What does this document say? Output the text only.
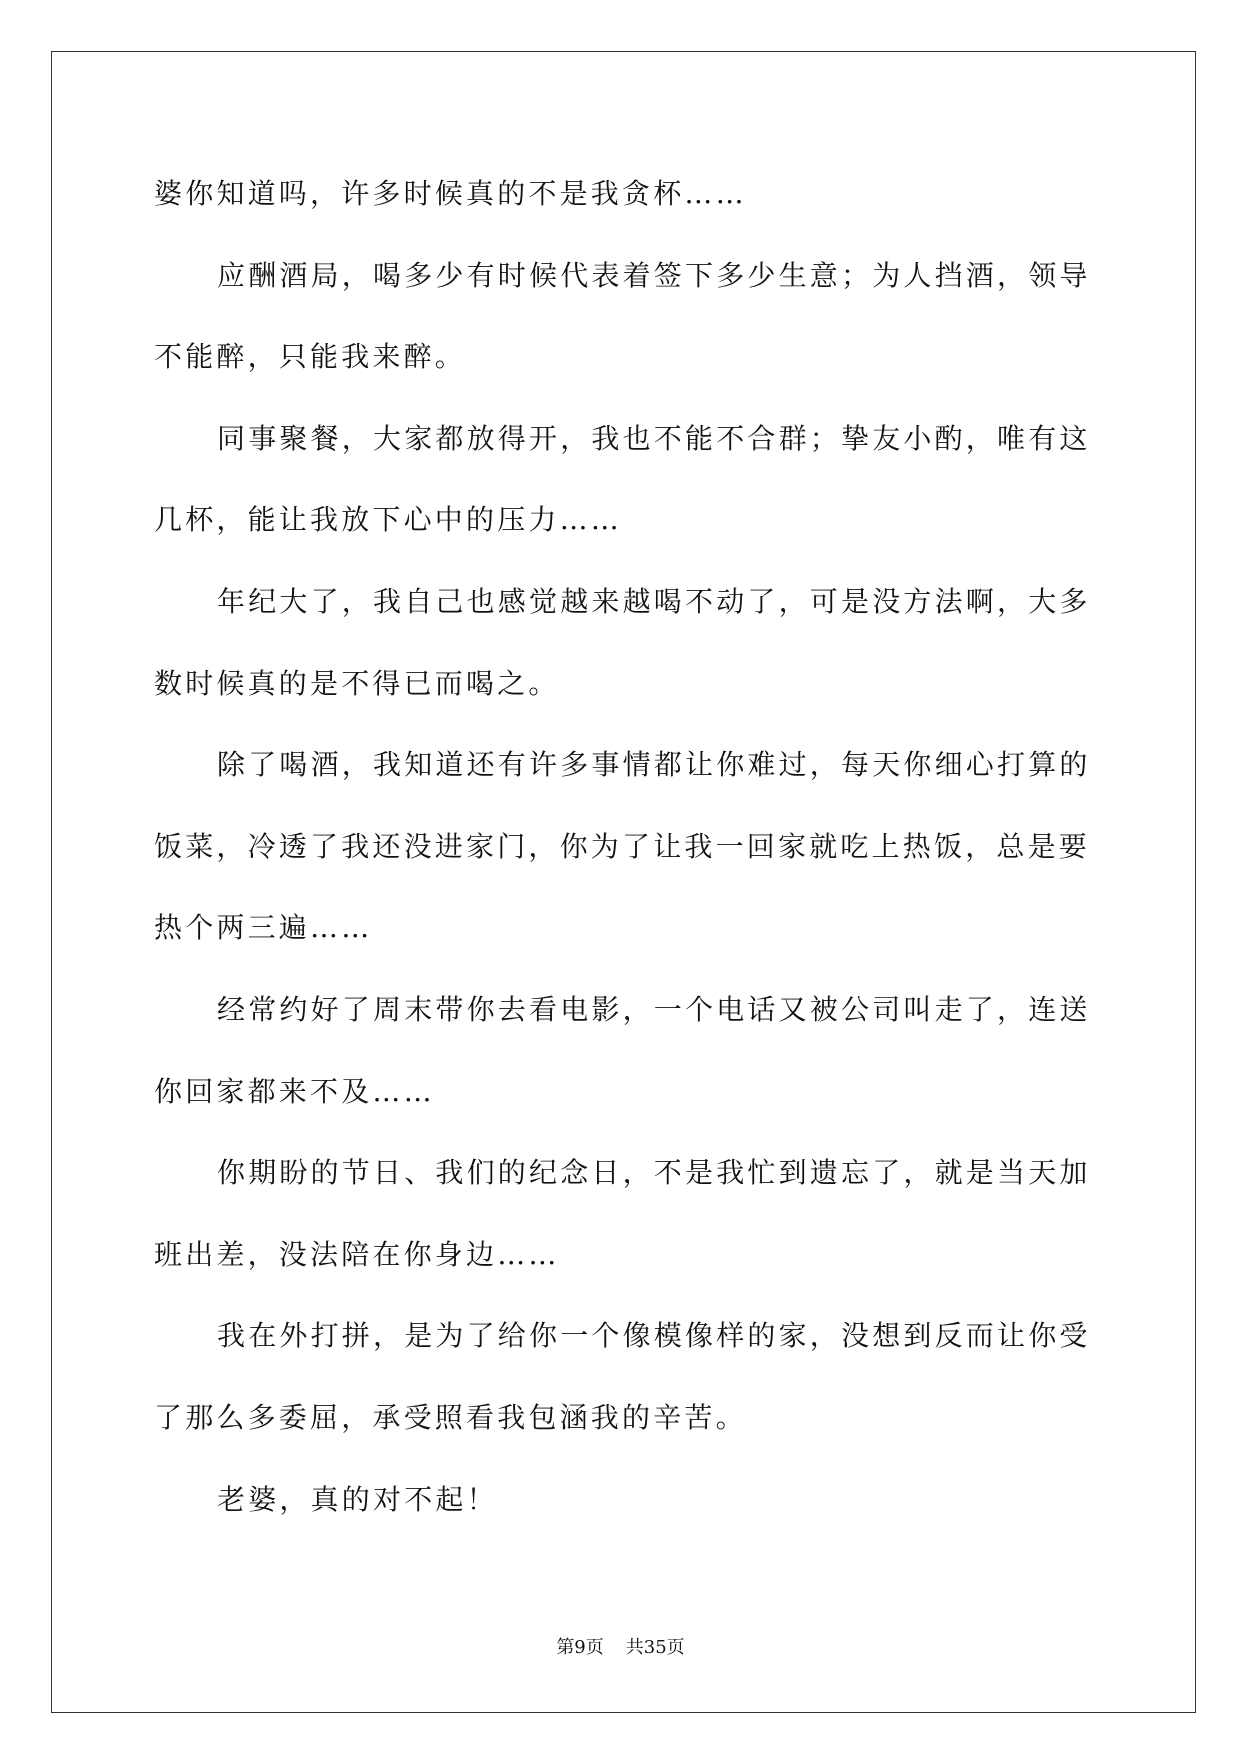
婆你知道吗，许多时候真的不是我贪杯……
应酬酒局，喝多少有时候代表着签下多少生意；为人挡酒，领导
不能醉，只能我来醉。
同事聚餐，大家都放得开，我也不能不合群；挚友小酌，唯有这
几杯，能让我放下心中的压力……
年纪大了，我自己也感觉越来越喝不动了，可是没方法啊，大多
数时候真的是不得已而喝之。
除了喝酒，我知道还有许多事情都让你难过，每天你细心打算的
饭菜，冷透了我还没进家门，你为了让我一回家就吃上热饭，总是要
热个两三遍……
经常约好了周末带你去看电影，一个电话又被公司叫走了，连送
你回家都来不及……
你期盼的节日、我们的纪念日，不是我忙到遗忘了，就是当天加
班出差，没法陪在你身边……
我在外打拼，是为了给你一个像模像样的家，没想到反而让你受
了那么多委屈，承受照看我包涵我的辛苦。
老婆，真的对不起！
第9页 共35页
